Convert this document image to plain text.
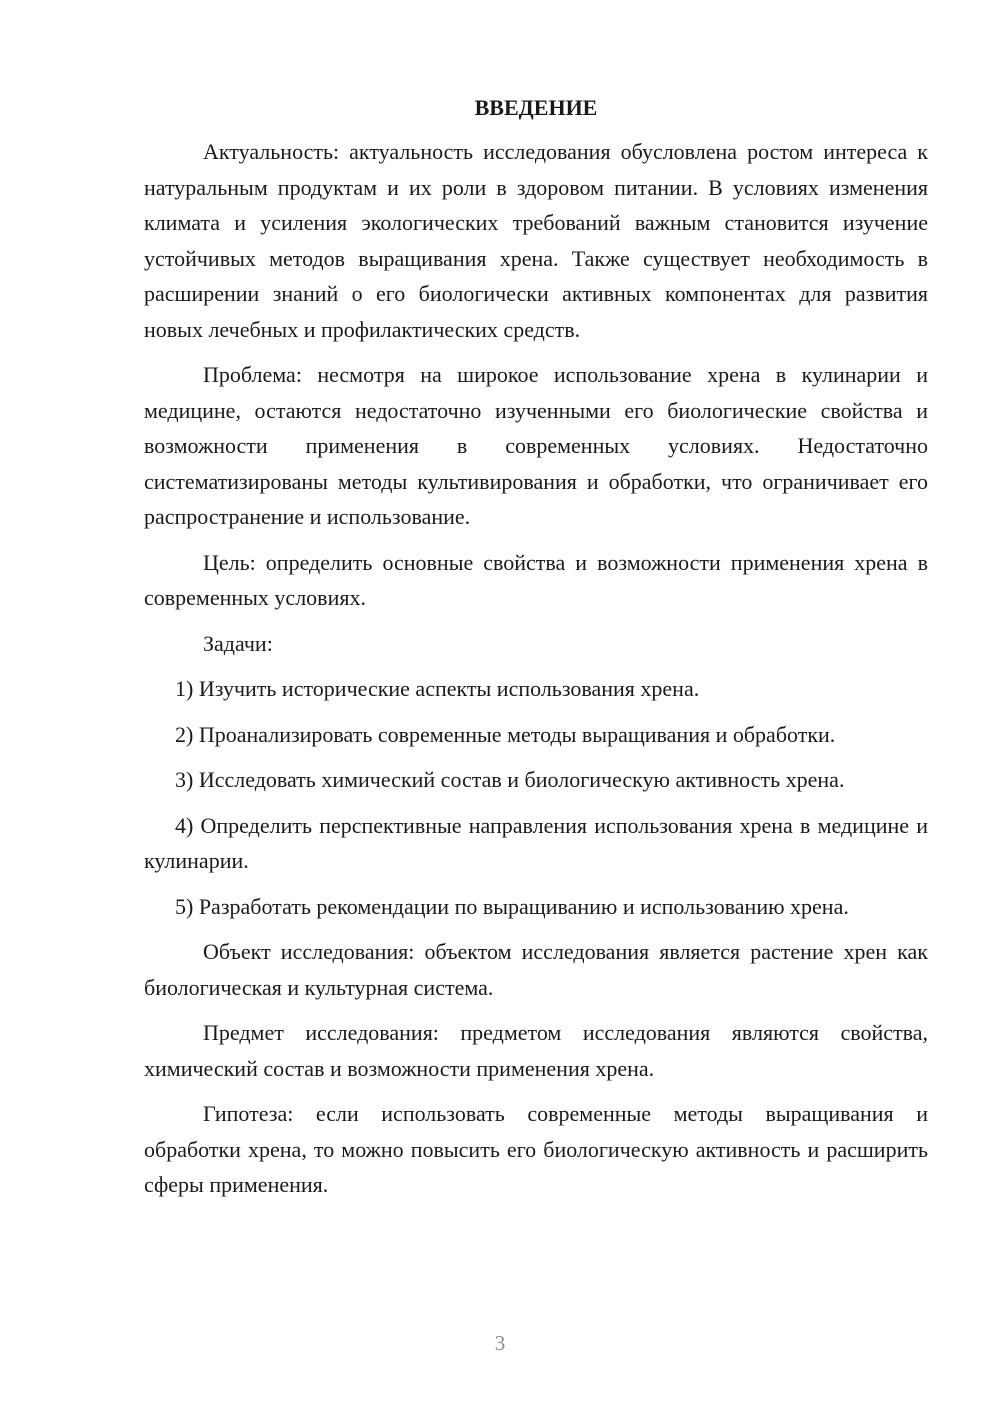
ВВЕДЕНИЕ

Актуальность: актуальность исследования обусловлена ростом интереса к натуральным продуктам и их роли в здоровом питании. В условиях изменения климата и усиления экологических требований важным становится изучение устойчивых методов выращивания хрена. Также существует необходимость в расширении знаний о его биологически активных компонентах для развития новых лечебных и профилактических средств.

Проблема: несмотря на широкое использование хрена в кулинарии и медицине, остаются недостаточно изученными его биологические свойства и возможности применения в современных условиях. Недостаточно систематизированы методы культивирования и обработки, что ограничивает его распространение и использование.

Цель: определить основные свойства и возможности применения хрена в современных условиях.

Задачи:

1) Изучить исторические аспекты использования хрена.

2) Проанализировать современные методы выращивания и обработки.

3) Исследовать химический состав и биологическую активность хрена.

4) Определить перспективные направления использования хрена в медицине и кулинарии.

5) Разработать рекомендации по выращиванию и использованию хрена.

Объект исследования: объектом исследования является растение хрен как биологическая и культурная система.

Предмет исследования: предметом исследования являются свойства, химический состав и возможности применения хрена.

Гипотеза: если использовать современные методы выращивания и обработки хрена, то можно повысить его биологическую активность и расширить сферы применения.

3
